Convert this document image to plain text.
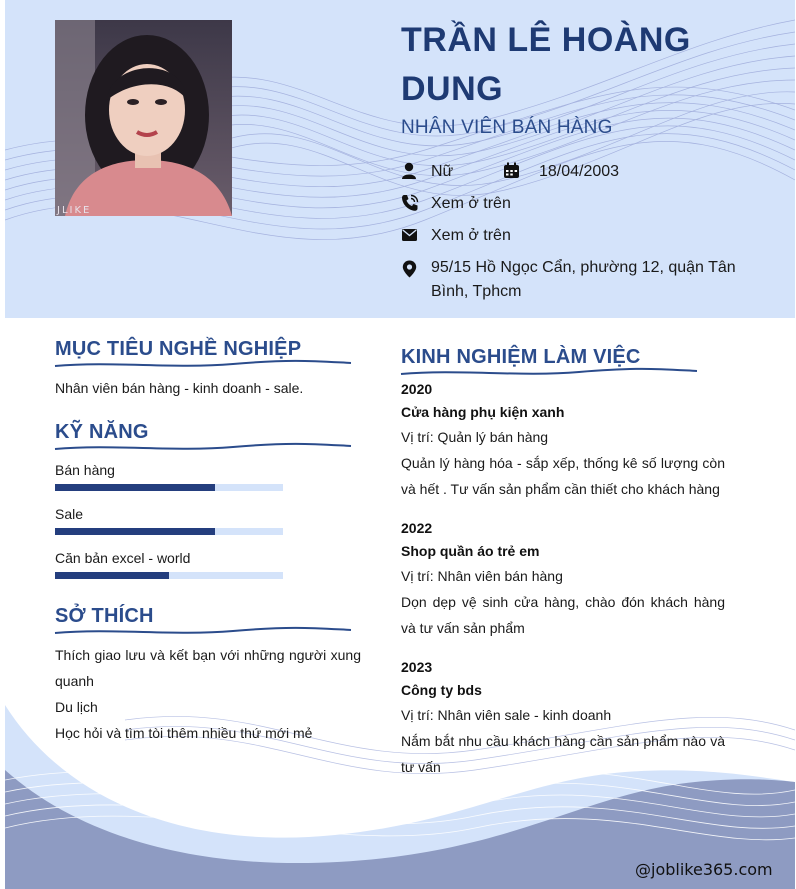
JLIKE
TRẦN LÊ HOÀNG DUNG
NHÂN VIÊN BÁN HÀNG
Nữ	18/04/2003
Xem ở trên
Xem ở trên
95/15 Hồ Ngọc Cẩn, phường 12, quận Tân Bình, Tphcm
MỤC TIÊU NGHỀ NGHIỆP
Nhân viên bán hàng - kinh doanh - sale.
KỸ NĂNG
Bán hàng
Sale
Căn bản excel - world
SỞ THÍCH
Thích giao lưu và kết bạn với những người xung quanh
Du lịch
Học hỏi và tìm tòi thêm nhiều thứ mới mẻ
KINH NGHIỆM LÀM VIỆC
2020
Cửa hàng phụ kiện xanh
Vị trí: Quản lý bán hàng
Quản lý hàng hóa - sắp xếp, thống kê số lượng còn và hết . Tư vấn sản phẩm cần thiết cho khách hàng
2022
Shop quần áo trẻ em
Vị trí: Nhân viên bán hàng
Dọn dẹp vệ sinh cửa hàng, chào đón khách hàng và tư vấn sản phẩm
2023
Công ty bds
Vị trí: Nhân viên sale - kinh doanh
Nắm bắt nhu cầu khách hàng cần sản phẩm nào và tư vấn
@joblike365.com
